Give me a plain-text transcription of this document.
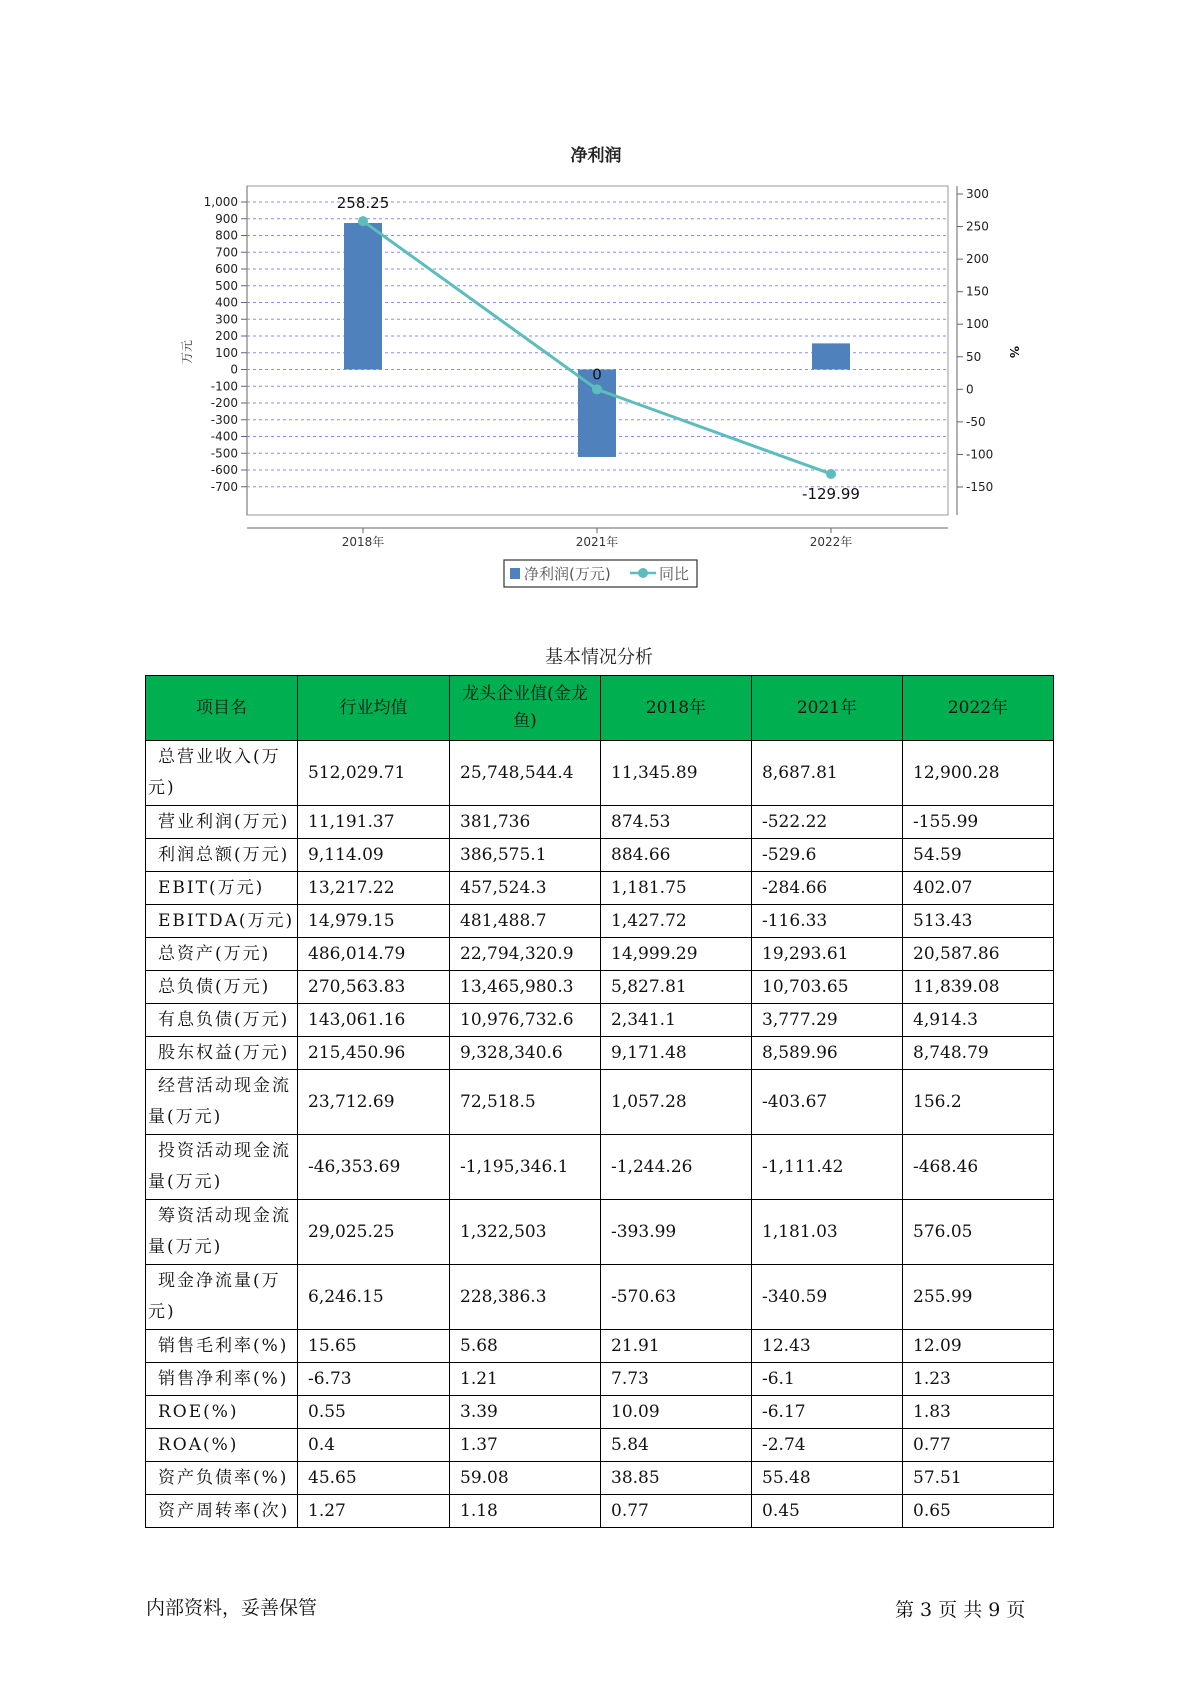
净利润
1,000
900
800
700
600
500
400
300
200
100
0
-100
-200
-300
-400
-500
-600
-700
300
250
200
150
100
50
0
-50
-100
-150
258.25
0
-129.99
2018年	2021年	2022年
万元	%
净利润(万元)	同比
基本情况分析
项目名	行业均值	龙头企业值(金龙鱼)	2018年	2021年	2022年
总营业收入(万元)	512,029.71	25,748,544.4	11,345.89	8,687.81	12,900.28
营业利润(万元)	11,191.37	381,736	874.53	-522.22	-155.99
利润总额(万元)	9,114.09	386,575.1	884.66	-529.6	54.59
EBIT(万元)	13,217.22	457,524.3	1,181.75	-284.66	402.07
EBITDA(万元)	14,979.15	481,488.7	1,427.72	-116.33	513.43
总资产(万元)	486,014.79	22,794,320.9	14,999.29	19,293.61	20,587.86
总负债(万元)	270,563.83	13,465,980.3	5,827.81	10,703.65	11,839.08
有息负债(万元)	143,061.16	10,976,732.6	2,341.1	3,777.29	4,914.3
股东权益(万元)	215,450.96	9,328,340.6	9,171.48	8,589.96	8,748.79
经营活动现金流量(万元)	23,712.69	72,518.5	1,057.28	-403.67	156.2
投资活动现金流量(万元)	-46,353.69	-1,195,346.1	-1,244.26	-1,111.42	-468.46
筹资活动现金流量(万元)	29,025.25	1,322,503	-393.99	1,181.03	576.05
现金净流量(万元)	6,246.15	228,386.3	-570.63	-340.59	255.99
销售毛利率(%)	15.65	5.68	21.91	12.43	12.09
销售净利率(%)	-6.73	1.21	7.73	-6.1	1.23
ROE(%)	0.55	3.39	10.09	-6.17	1.83
ROA(%)	0.4	1.37	5.84	-2.74	0.77
资产负债率(%)	45.65	59.08	38.85	55.48	57.51
资产周转率(次)	1.27	1.18	0.77	0.45	0.65
内部资料，妥善保管	第 3 页 共 9 页
